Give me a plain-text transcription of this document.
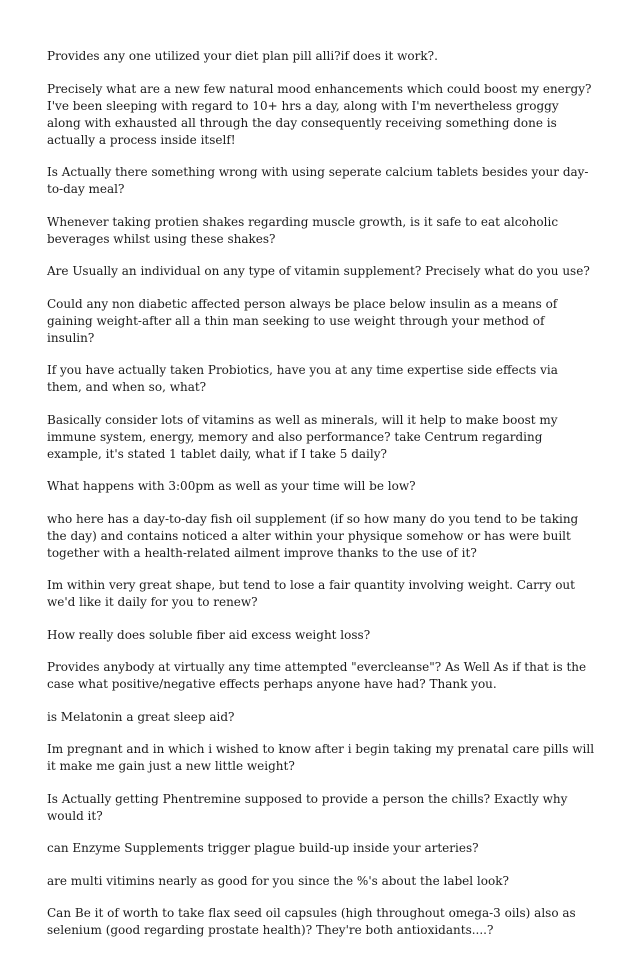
Provides any one utilized your diet plan pill alli?if does it work?.

Precisely what are a new few natural mood enhancements which could boost my energy? I've been sleeping with regard to 10+ hrs a day, along with I'm nevertheless groggy along with exhausted all through the day consequently receiving something done is actually a process inside itself!

Is Actually there something wrong with using seperate calcium tablets besides your day-to-day meal?

Whenever taking protien shakes regarding muscle growth, is it safe to eat alcoholic beverages whilst using these shakes?

Are Usually an individual on any type of vitamin supplement? Precisely what do you use?

Could any non diabetic affected person always be place below insulin as a means of gaining weight-after all a thin man seeking to use weight through your method of insulin?

If you have actually taken Probiotics, have you at any time expertise side effects via them, and when so, what?

Basically consider lots of vitamins as well as minerals, will it help to make boost my immune system, energy, memory and also performance? take Centrum regarding example, it's stated 1 tablet daily, what if I take 5 daily?

What happens with 3:00pm as well as your time will be low?

who here has a day-to-day fish oil supplement (if so how many do you tend to be taking the day) and contains noticed a alter within your physique somehow or has were built together with a health-related ailment improve thanks to the use of it?

Im within very great shape, but tend to lose a fair quantity involving weight. Carry out we'd like it daily for you to renew?

How really does soluble fiber aid excess weight loss?

Provides anybody at virtually any time attempted "evercleanse"? As Well As if that is the case what positive/negative effects perhaps anyone have had? Thank you.

is Melatonin a great sleep aid?

Im pregnant and in which i wished to know after i begin taking my prenatal care pills will it make me gain just a new little weight?

Is Actually getting Phentremine supposed to provide a person the chills? Exactly why would it?

can Enzyme Supplements trigger plague build-up inside your arteries?

are multi vitimins nearly as good for you since the %'s about the label look?

Can Be it of worth to take flax seed oil capsules (high throughout omega-3 oils) also as selenium (good regarding prostate health)? They're both antioxidants....?
